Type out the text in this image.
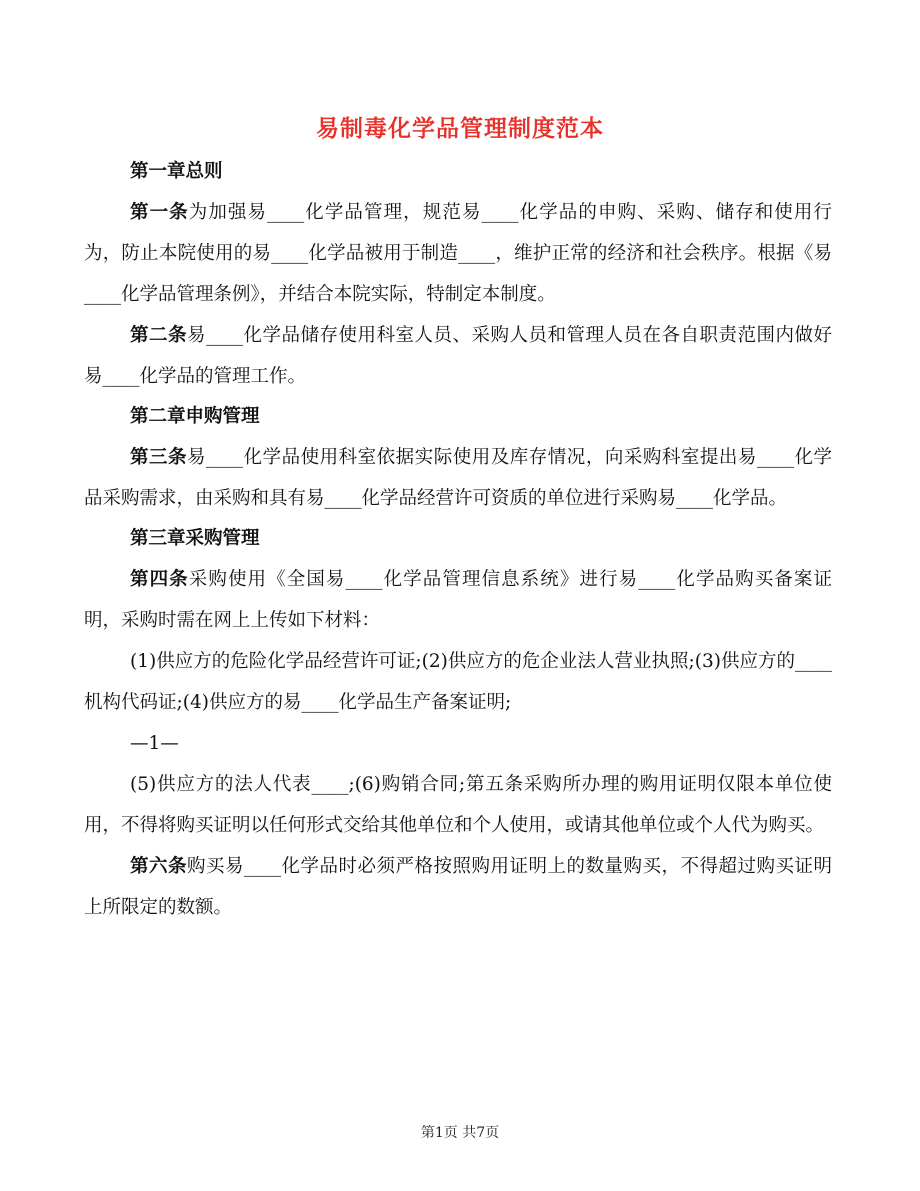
易制毒化学品管理制度范本

第一章总则

第一条为加强易____化学品管理，规范易____化学品的申购、采购、储存和使用行为，防止本院使用的易____化学品被用于制造____，维护正常的经济和社会秩序。根据《易____化学品管理条例》，并结合本院实际，特制定本制度。

第二条易____化学品储存使用科室人员、采购人员和管理人员在各自职责范围内做好易____化学品的管理工作。

第二章申购管理

第三条易____化学品使用科室依据实际使用及库存情况，向采购科室提出易____化学品采购需求，由采购和具有易____化学品经营许可资质的单位进行采购易____化学品。

第三章采购管理

第四条采购使用《全国易____化学品管理信息系统》进行易____化学品购买备案证明，采购时需在网上上传如下材料：

(1)供应方的危险化学品经营许可证;(2)供应方的危企业法人营业执照;(3)供应方的____机构代码证;(4)供应方的易____化学品生产备案证明;

—1—

(5)供应方的法人代表____;(6)购销合同;第五条采购所办理的购用证明仅限本单位使用，不得将购买证明以任何形式交给其他单位和个人使用，或请其他单位或个人代为购买。

第六条购买易____化学品时必须严格按照购用证明上的数量购买，不得超过购买证明上所限定的数额。

第1页 共7页
